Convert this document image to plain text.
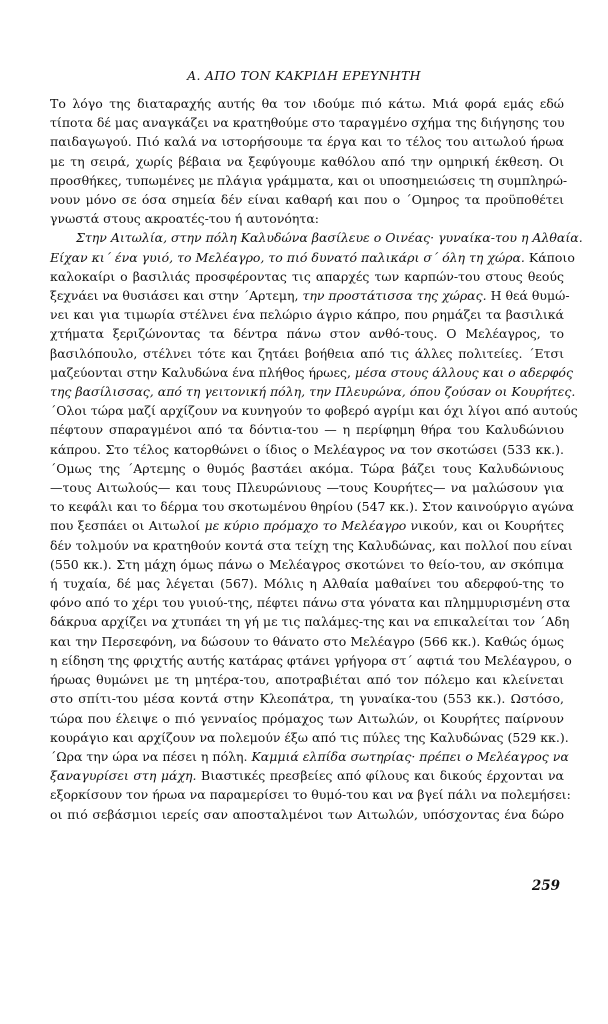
Α. ΑΠΟ ΤΟΝ ΚΑΚΡΙΔΗ ΕΡΕΥΝΗΤΗ
Το λόγο της διαταραχής αυτής θα τον ιδούμε πιό κάτω. Μιά φορά εμάς εδώ
τίποτα δέ μας αναγκάζει να κρατηθούμε στο ταραγμένο σχήμα της διήγησης του
παιδαγωγού. Πιό καλά να ιστορήσουμε τα έργα και το τέλος του αιτωλού ήρωα
με τη σειρά, χωρίς βέβαια να ξεφύγουμε καθόλου από την ομηρική έκθεση. Οι
προσθήκες, τυπωμένες με πλάγια γράμματα, και οι υποσημειώσεις τη συμπληρώ-
νουν μόνο σε όσα σημεία δέν είναι καθαρή και που ο ΄Ομηρος τα προϋποθέτει
γνωστά στους ακροατές-του ή αυτονόητα:
Στην Αιτωλία, στην πόλη Καλυδώνα βασίλευε ο Οινέας· γυναίκα-του η Αλθαία.
Είχαν κι΄ ένα γυιό, το Μελέαγρο, το πιό δυνατό παλικάρι σ΄ όλη τη χώρα. Κάποιο
καλοκαίρι ο βασιλιάς προσφέροντας τις απαρχές των καρπών-του στους θεούς
ξεχνάει να θυσιάσει και στην ΄Αρτεμη, την προστάτισσα της χώρας. Η θεά θυμώ-
νει και για τιμωρία στέλνει ένα πελώριο άγριο κάπρο, που ρημάζει τα βασιλικά
χτήματα ξεριζώνοντας τα δέντρα πάνω στον ανθό-τους. Ο Μελέαγρος, το
βασιλόπουλο, στέλνει τότε και ζητάει βοήθεια από τις άλλες πολιτείες. ΄Ετσι
μαζεύονται στην Καλυδώνα ένα πλήθος ήρωες, μέσα στους άλλους και ο αδερφός
της βασίλισσας, από τη γειτονική πόλη, την Πλευρώνα, όπου ζούσαν οι Κουρήτες.
΄Ολοι τώρα μαζί αρχίζουν να κυνηγούν το φοβερό αγρίμι και όχι λίγοι από αυτούς
πέφτουν σπαραγμένοι από τα δόντια-του — η περίφημη θήρα του Καλυδώνιου
κάπρου. Στο τέλος κατορθώνει ο ίδιος ο Μελέαγρος να τον σκοτώσει (533 κκ.).
΄Ομως της ΄Αρτεμης ο θυμός βαστάει ακόμα. Τώρα βάζει τους Καλυδώνιους
—τους Αιτωλούς— και τους Πλευρώνιους —τους Κουρήτες— να μαλώσουν για
το κεφάλι και το δέρμα του σκοτωμένου θηρίου (547 κκ.). Στον καινούργιο αγώνα
που ξεσπάει οι Αιτωλοί με κύριο πρόμαχο το Μελέαγρο νικούν, και οι Κουρήτες
δέν τολμούν να κρατηθούν κοντά στα τείχη της Καλυδώνας, και πολλοί που είναι
(550 κκ.). Στη μάχη όμως πάνω ο Μελέαγρος σκοτώνει το θείο-του, αν σκόπιμα
ή τυχαία, δέ μας λέγεται (567). Μόλις η Αλθαία μαθαίνει του αδερφού-της το
φόνο από το χέρι του γυιού-της, πέφτει πάνω στα γόνατα και πλημμυρισμένη στα
δάκρυα αρχίζει να χτυπάει τη γή με τις παλάμες-της και να επικαλείται τον ΄Αδη
και την Περσεφόνη, να δώσουν το θάνατο στο Μελέαγρο (566 κκ.). Καθώς όμως
η είδηση της φριχτής αυτής κατάρας φτάνει γρήγορα στ΄ αφτιά του Μελέαγρου, ο
ήρωας θυμώνει με τη μητέρα-του, αποτραβιέται από τον πόλεμο και κλείνεται
στο σπίτι-του μέσα κοντά στην Κλεοπάτρα, τη γυναίκα-του (553 κκ.). Ωστόσο,
τώρα που έλειψε ο πιό γενναίος πρόμαχος των Αιτωλών, οι Κουρήτες παίρνουν
κουράγιο και αρχίζουν να πολεμούν έξω από τις πύλες της Καλυδώνας (529 κκ.).
΄Ωρα την ώρα να πέσει η πόλη. Καμμιά ελπίδα σωτηρίας· πρέπει ο Μελέαγρος να
ξαναγυρίσει στη μάχη. Βιαστικές πρεσβείες από φίλους και δικούς έρχονται να
εξορκίσουν τον ήρωα να παραμερίσει το θυμό-του και να βγεί πάλι να πολεμήσει:
οι πιό σεβάσμιοι ιερείς σαν αποσταλμένοι των Αιτωλών, υπόσχοντας ένα δώρο
259
